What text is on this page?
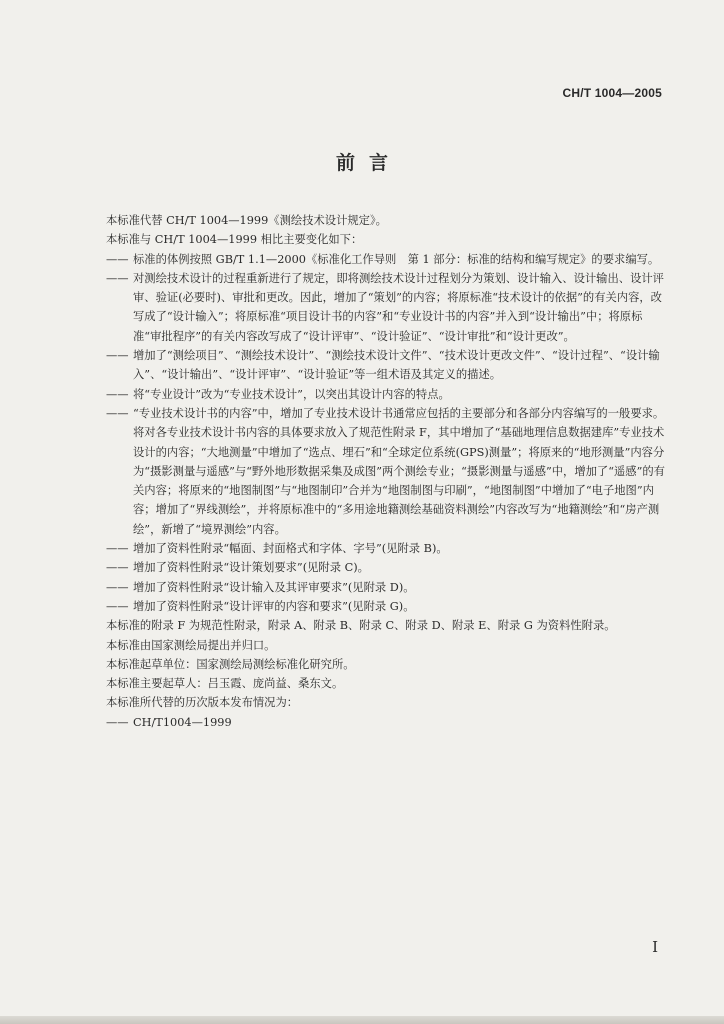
CH/T 1004—2005
前言

本标准代替 CH/T 1004—1999《测绘技术设计规定》。

本标准与 CH/T 1004—1999 相比主要变化如下：

—— 标准的体例按照 GB/T 1.1—2000《标准化工作导则　第 1 部分：标准的结构和编写规定》的要求编写。

—— 对测绘技术设计的过程重新进行了规定，即将测绘技术设计过程划分为策划、设计输入、设计输出、设计评审、验证(必要时)、审批和更改。因此，增加了“策划”的内容；将原标准“技术设计的依据”的有关内容，改写成了“设计输入”；将原标准“项目设计书的内容”和“专业设计书的内容”并入到“设计输出”中；将原标准“审批程序”的有关内容改写成了“设计评审”、“设计验证”、“设计审批”和“设计更改”。

—— 增加了“测绘项目”、“测绘技术设计”、“测绘技术设计文件”、“技术设计更改文件”、“设计过程”、“设计输入”、“设计输出”、“设计评审”、“设计验证”等一组术语及其定义的描述。

—— 将“专业设计”改为“专业技术设计”，以突出其设计内容的特点。

—— “专业技术设计书的内容”中，增加了专业技术设计书通常应包括的主要部分和各部分内容编写的一般要求。将对各专业技术设计书内容的具体要求放入了规范性附录 F，其中增加了“基础地理信息数据建库”专业技术设计的内容；“大地测量”中增加了“选点、埋石”和“全球定位系统(GPS)测量”；将原来的“地形测量”内容分为“摄影测量与遥感”与“野外地形数据采集及成图”两个测绘专业；“摄影测量与遥感”中，增加了“遥感”的有关内容；将原来的“地图制图”与“地图制印”合并为“地图制图与印刷”，“地图制图”中增加了“电子地图”内容；增加了“界线测绘”，并将原标准中的“多用途地籍测绘基础资料测绘”内容改写为“地籍测绘”和“房产测绘”，新增了“境界测绘”内容。

—— 增加了资料性附录“幅面、封面格式和字体、字号”(见附录 B)。

—— 增加了资料性附录“设计策划要求”(见附录 C)。

—— 增加了资料性附录“设计输入及其评审要求”(见附录 D)。

—— 增加了资料性附录“设计评审的内容和要求”(见附录 G)。

本标准的附录 F 为规范性附录，附录 A、附录 B、附录 C、附录 D、附录 E、附录 G 为资料性附录。

本标准由国家测绘局提出并归口。

本标准起草单位：国家测绘局测绘标准化研究所。

本标准主要起草人：吕玉霞、庞尚益、桑东文。

本标准所代替的历次版本发布情况为：

—— CH/T1004—1999

I
